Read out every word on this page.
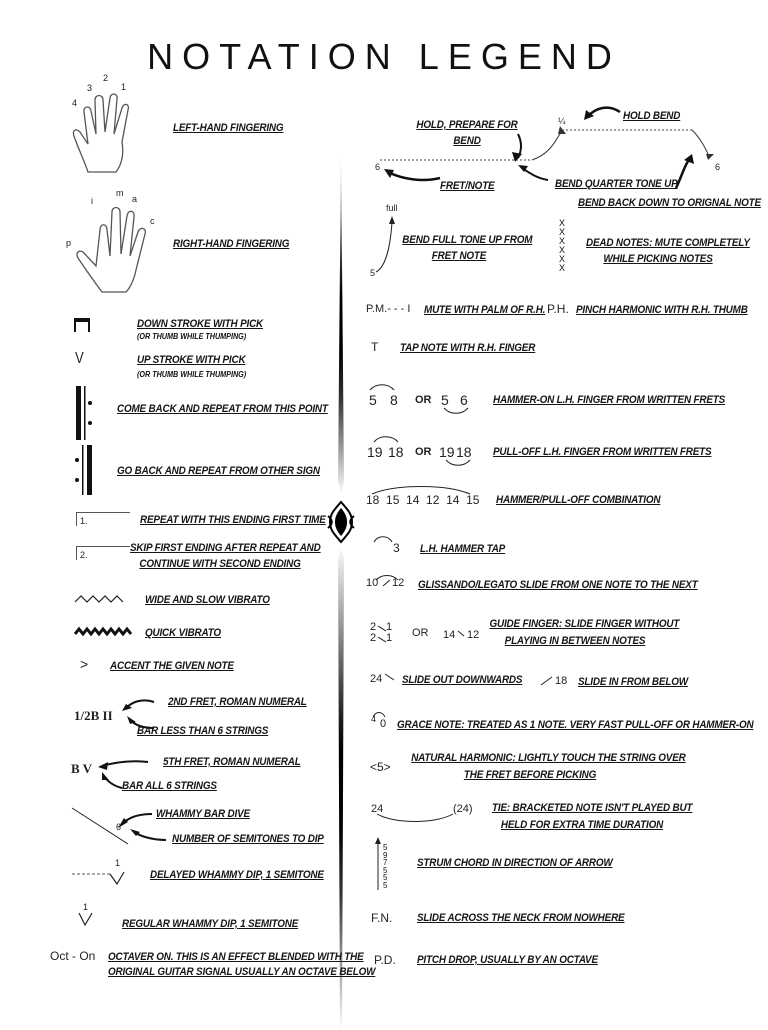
NOTATION LEGEND
4
3
2
1
LEFT-HAND FINGERING
p
i
m
a
c
RIGHT-HAND FINGERING
DOWN STROKE WITH PICK
(OR THUMB WHILE THUMPING)
V	UP STROKE WITH PICK
(OR THUMB WHILE THUMPING)
COME BACK AND REPEAT FROM THIS POINT
GO BACK AND REPEAT FROM OTHER SIGN
1.	REPEAT WITH THIS ENDING FIRST TIME
2.
SKIP FIRST ENDING AFTER REPEAT AND
CONTINUE WITH SECOND ENDING
WIDE AND SLOW VIBRATO
QUICK VIBRATO
> ACCENT THE GIVEN NOTE
1/2B II
2ND FRET, ROMAN NUMERAL
BAR LESS THAN 6 STRINGS
B V	5TH FRET, ROMAN NUMERAL
BAR ALL 6 STRINGS
6
WHAMMY BAR DIVE
NUMBER OF SEMITONES TO DIP
1
DELAYED WHAMMY DIP, 1 SEMITONE
1
REGULAR WHAMMY DIP, 1 SEMITONE
Oct - On OCTAVER ON. THIS IS AN EFFECT BLENDED WITH THE
ORIGINAL GUITAR SIGNAL USUALLY AN OCTAVE BELOW
6	6
¼
HOLD, PREPARE FOR
BEND
HOLD BEND
FRET/NOTE	BEND QUARTER TONE UP
BEND BACK DOWN TO ORIGNAL NOTE
full
5
BEND FULL TONE UP FROM
FRET NOTE
X
X
X
X
X
X
DEAD NOTES: MUTE COMPLETELY
WHILE PICKING NOTES
P.M.- - - I MUTE WITH PALM OF R.H. P.H. PINCH HARMONIC WITH R.H. THUMB
T TAP NOTE WITH R.H. FINGER
5 8 OR 5 6 HAMMER-ON L.H. FINGER FROM WRITTEN FRETS
19 18 OR 19 18 PULL-OFF L.H. FINGER FROM WRITTEN FRETS
18  15  14  12  14  15 HAMMER/PULL-OFF COMBINATION
3 L.H. HAMMER TAP
10 12 GLISSANDO/LEGATO SLIDE FROM ONE NOTE TO THE NEXT
2
2
1
1 OR 14 12
GUIDE FINGER: SLIDE FINGER WITHOUT
PLAYING IN BETWEEN NOTES
24 SLIDE OUT DOWNWARDS	18 SLIDE IN FROM BELOW
4 0 GRACE NOTE: TREATED AS 1 NOTE. VERY FAST PULL-OFF OR HAMMER-ON
<5>
NATURAL HARMONIC: LIGHTLY TOUCH THE STRING OVER
THE FRET BEFORE PICKING
24	(24) TIE: BRACKETED NOTE ISN'T PLAYED BUT
HELD FOR EXTRA TIME DURATION
5
9
7
5
5
5
STRUM CHORD IN DIRECTION OF ARROW
F.N. SLIDE ACROSS THE NECK FROM NOWHERE
P.D. PITCH DROP, USUALLY BY AN OCTAVE
